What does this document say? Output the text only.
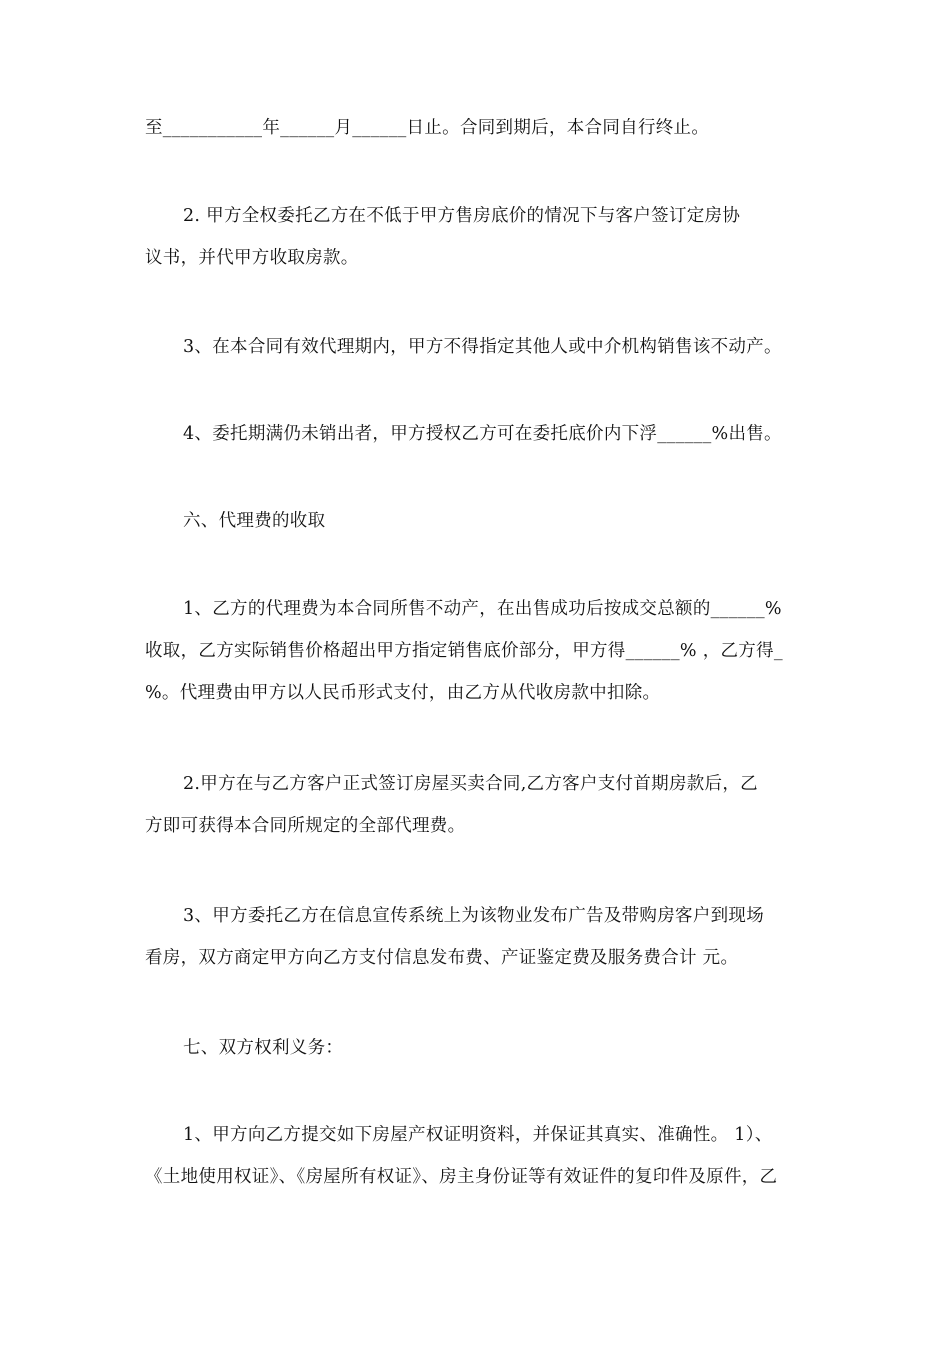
至___________年______月______日止。合同到期后，本合同自行终止。
2. 甲方全权委托乙方在不低于甲方售房底价的情况下与客户签订定房协
议书，并代甲方收取房款。
3、在本合同有效代理期内，甲方不得指定其他人或中介机构销售该不动产。
4、委托期满仍未销出者，甲方授权乙方可在委托底价内下浮______%出售。
六、代理费的收取
1、乙方的代理费为本合同所售不动产，在出售成功后按成交总额的______%
收取，乙方实际销售价格超出甲方指定销售底价部分，甲方得______% ，乙方得_
%。代理费由甲方以人民币形式支付，由乙方从代收房款中扣除。
2.甲方在与乙方客户正式签订房屋买卖合同,乙方客户支付首期房款后，乙
方即可获得本合同所规定的全部代理费。
3、甲方委托乙方在信息宣传系统上为该物业发布广告及带购房客户到现场
看房，双方商定甲方向乙方支付信息发布费、产证鉴定费及服务费合计 元。
七、双方权利义务：
1、甲方向乙方提交如下房屋产权证明资料，并保证其真实、准确性。 1）、
《土地使用权证》、《房屋所有权证》、房主身份证等有效证件的复印件及原件，乙
